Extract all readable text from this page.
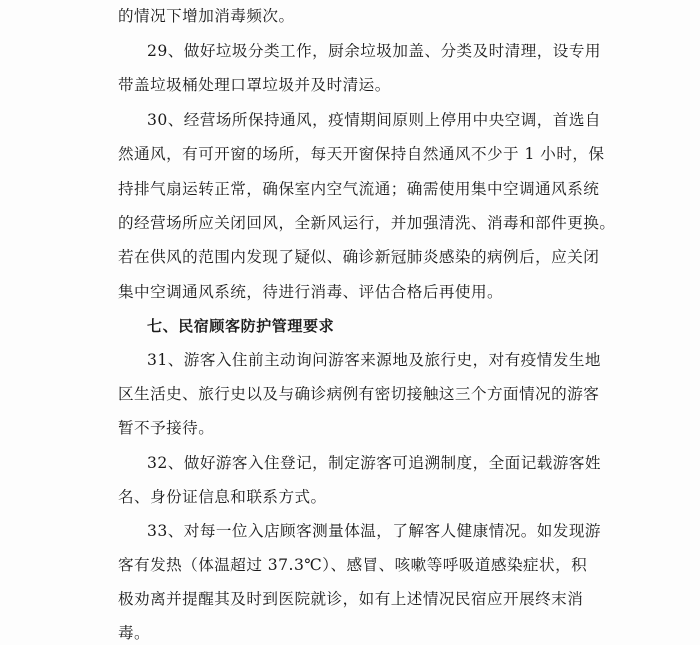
的情况下增加消毒频次。
29、做好垃圾分类工作，厨余垃圾加盖、分类及时清理，设专用
带盖垃圾桶处理口罩垃圾并及时清运。
30、经营场所保持通风，疫情期间原则上停用中央空调，首选自
然通风，有可开窗的场所，每天开窗保持自然通风不少于 1 小时，保
持排气扇运转正常，确保室内空气流通；确需使用集中空调通风系统
的经营场所应关闭回风，全新风运行，并加强清洗、消毒和部件更换。
若在供风的范围内发现了疑似、确诊新冠肺炎感染的病例后，应关闭
集中空调通风系统，待进行消毒、评估合格后再使用。
七、民宿顾客防护管理要求
31、游客入住前主动询问游客来源地及旅行史，对有疫情发生地
区生活史、旅行史以及与确诊病例有密切接触这三个方面情况的游客
暂不予接待。
32、做好游客入住登记，制定游客可追溯制度，全面记载游客姓
名、身份证信息和联系方式。
33、对每一位入店顾客测量体温，了解客人健康情况。如发现游
客有发热（体温超过 37.3℃）、感冒、咳嗽等呼吸道感染症状，积
极劝离并提醒其及时到医院就诊，如有上述情况民宿应开展终末消
毒。
